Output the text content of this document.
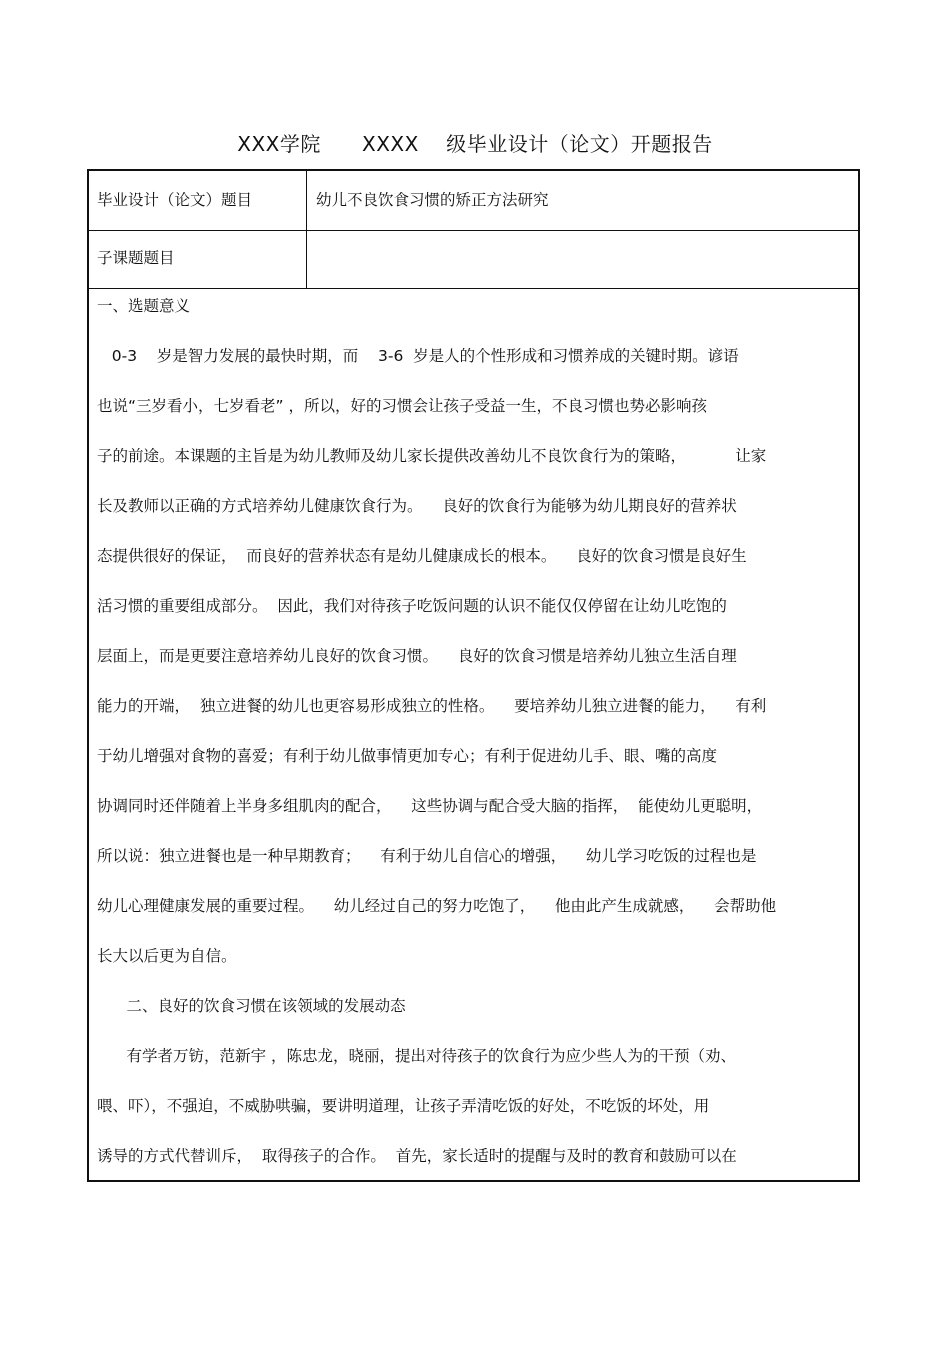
XXX学院      XXXX    级毕业设计（论文）开题报告
毕业设计（论文）题目	幼儿不良饮食习惯的矫正方法研究
子课题题目
一、选题意义
0-3    岁是智力发展的最快时期，而    3-6  岁是人的个性形成和习惯养成的关键时期。谚语
也说“三岁看小，七岁看老” ，所以，好的习惯会让孩子受益一生，不良习惯也势必影响孩
子的前途。本课题的主旨是为幼儿教师及幼儿家长提供改善幼儿不良饮食行为的策略，          让家
长及教师以正确的方式培养幼儿健康饮食行为。    良好的饮食行为能够为幼儿期良好的营养状
态提供很好的保证，  而良好的营养状态有是幼儿健康成长的根本。    良好的饮食习惯是良好生
活习惯的重要组成部分。  因此，我们对待孩子吃饭问题的认识不能仅仅停留在让幼儿吃饱的
层面上，而是更要注意培养幼儿良好的饮食习惯。    良好的饮食习惯是培养幼儿独立生活自理
能力的开端，  独立进餐的幼儿也更容易形成独立的性格。    要培养幼儿独立进餐的能力，    有利
于幼儿增强对食物的喜爱；有利于幼儿做事情更加专心；有利于促进幼儿手、眼、嘴的高度
协调同时还伴随着上半身多组肌肉的配合，    这些协调与配合受大脑的指挥，  能使幼儿更聪明，
所以说：独立进餐也是一种早期教育；    有利于幼儿自信心的增强，    幼儿学习吃饭的过程也是
幼儿心理健康发展的重要过程。    幼儿经过自己的努力吃饱了，    他由此产生成就感，    会帮助他
长大以后更为自信。
二、良好的饮食习惯在该领域的发展动态
有学者万钫，范新宇 ，陈忠龙，晓丽，提出对待孩子的饮食行为应少些人为的干预（劝、
喂、吓），不强迫，不威胁哄骗，要讲明道理，让孩子弄清吃饭的好处，不吃饭的坏处，用
诱导的方式代替训斥，  取得孩子的合作。  首先，家长适时的提醒与及时的教育和鼓励可以在
